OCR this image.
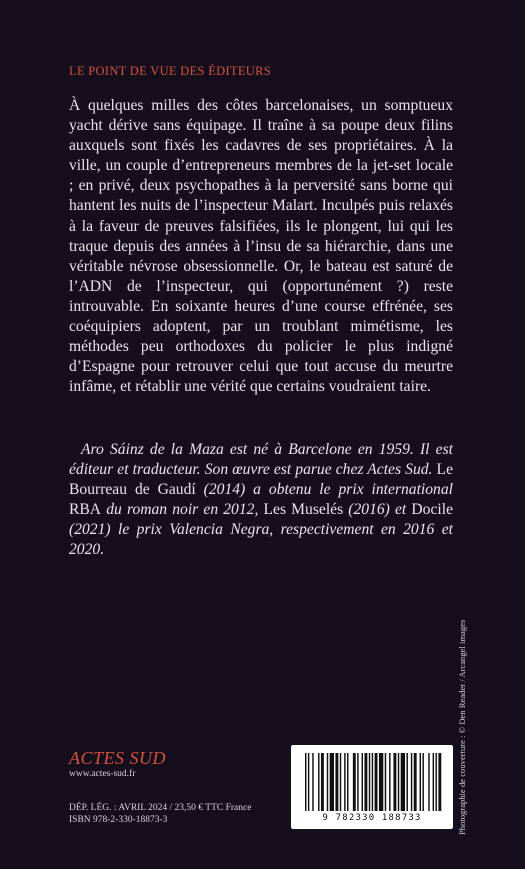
LE POINT DE VUE DES ÉDITEURS

À quelques milles des côtes barcelonaises, un somptueux yacht dérive sans équipage. Il traîne à sa poupe deux filins auxquels sont fixés les cadavres de ses propriétaires. À la ville, un couple d’entrepreneurs membres de la jet-set locale ; en privé, deux psychopathes à la perversité sans borne qui hantent les nuits de l’inspecteur Malart. Inculpés puis relaxés à la faveur de preuves falsifiées, ils le plongent, lui qui les traque depuis des années à l’insu de sa hiérarchie, dans une véritable névrose obsessionnelle. Or, le bateau est saturé de l’ADN de l’inspecteur, qui (opportunément ?) reste introuvable. En soixante heures d’une course effrénée, ses coéquipiers adoptent, par un troublant mimétisme, les méthodes peu orthodoxes du policier le plus indigné d’Espagne pour retrouver celui que tout accuse du meurtre infâme, et rétablir une vérité que certains voudraient taire.

Aro Sáinz de la Maza est né à Barcelone en 1959. Il est éditeur et traducteur. Son œuvre est parue chez Actes Sud. Le Bourreau de Gaudí (2014) a obtenu le prix international RBA du roman noir en 2012, Les Muselés (2016) et Docile (2021) le prix Valencia Negra, respectivement en 2016 et 2020.

Photographie de couverture : © Den Reader / Arcangel images
ACTES SUD
www.actes-sud.fr
DÉP. LÉG. : AVRIL 2024 / 23,50 € TTC France
ISBN 978-2-330-18873-3	9 782330 188733
